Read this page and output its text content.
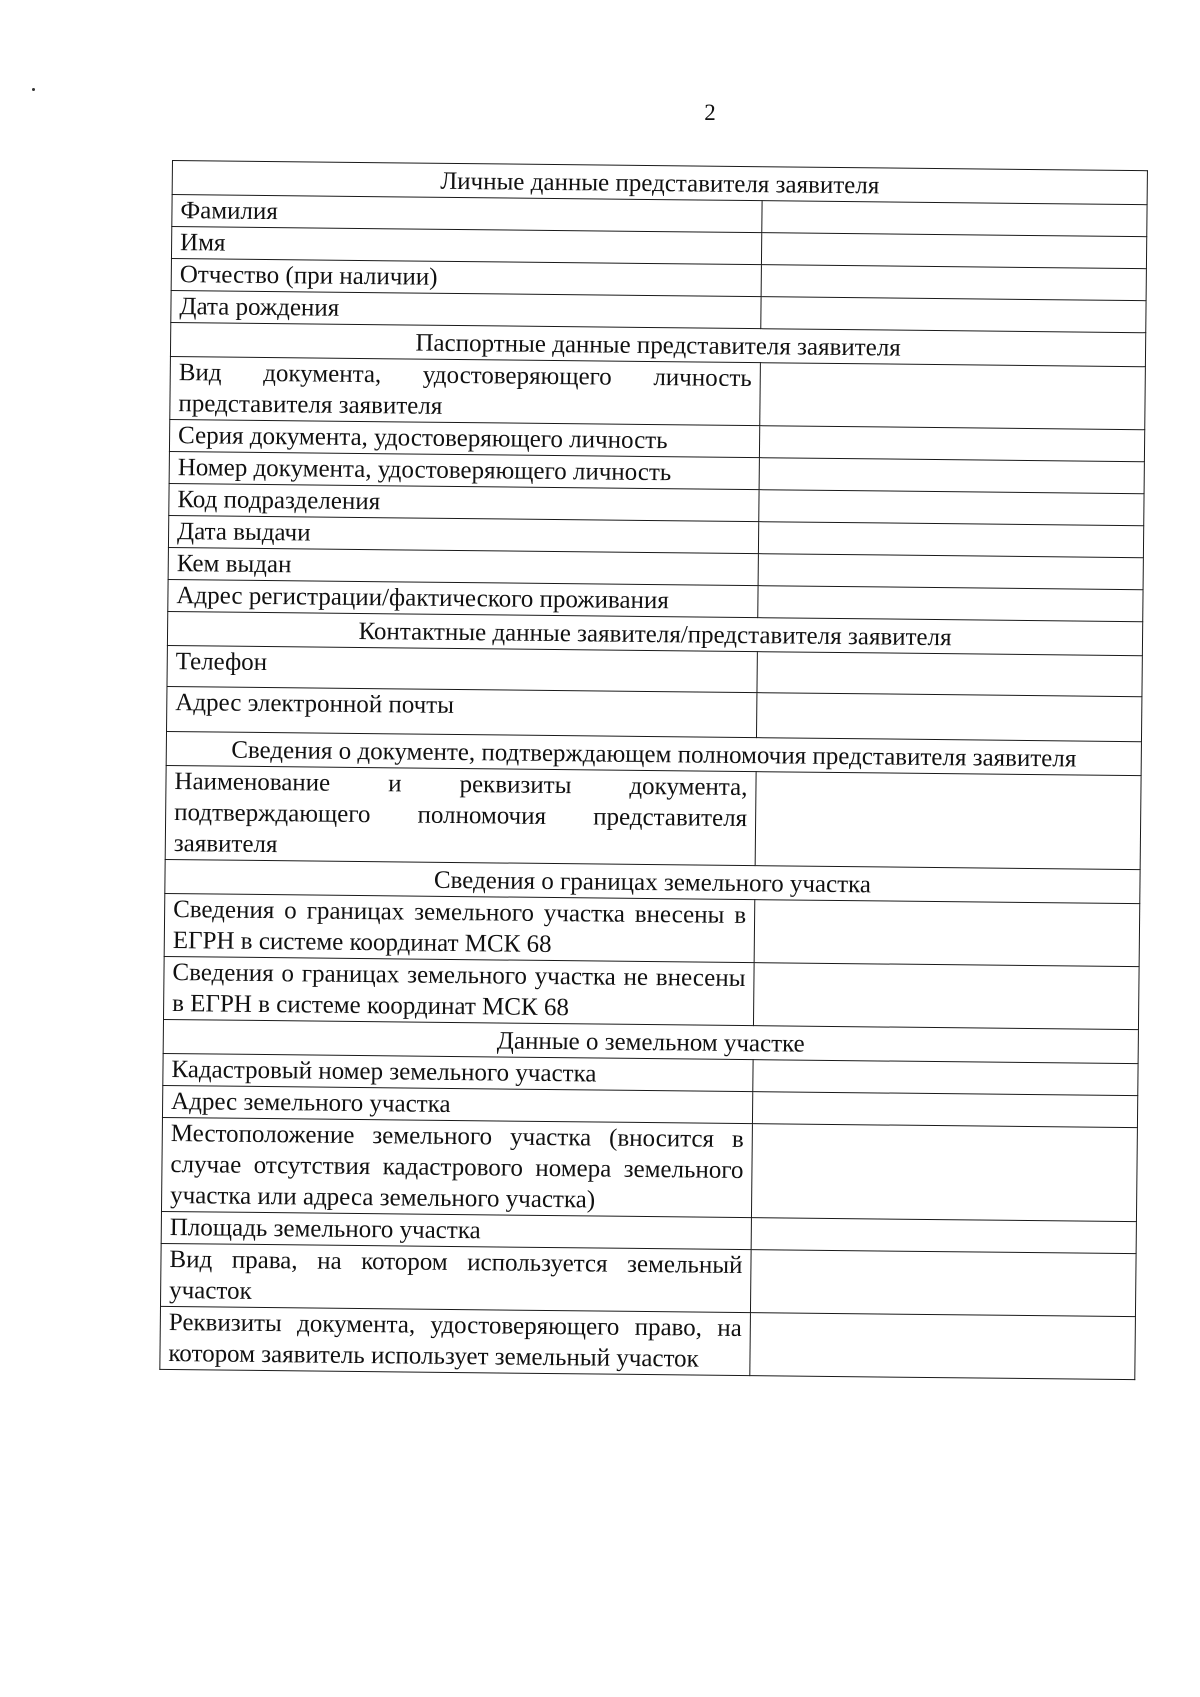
2
Личные данные представителя заявителя	
Фамилия	
Имя	
Отчество (при наличии)	
Дата рождения	
Паспортные данные представителя заявителя	
Вид документа, удостоверяющего личность представителя заявителя	
Серия документа, удостоверяющего личность	
Номер документа, удостоверяющего личность	
Код подразделения	
Дата выдачи	
Кем выдан	
Адрес регистрации/фактического проживания	
Контактные данные заявителя/представителя заявителя	
Телефон	
Адрес электронной почты	
Сведения о документе, подтверждающем полномочия представителя заявителя	
Наименование и реквизиты документа, подтверждающего полномочия представителя заявителя	
Сведения о границах земельного участка	
Сведения о границах земельного участка внесены в ЕГРН в системе координат МСК 68	
Сведения о границах земельного участка не внесены в ЕГРН в системе координат МСК 68	
Данные о земельном участке	
Кадастровый номер земельного участка	
Адрес земельного участка	
Местоположение земельного участка (вносится в случае отсутствия кадастрового номера земельного участка или адреса земельного участка)	
Площадь земельного участка	
Вид права, на котором используется земельный участок	
Реквизиты документа, удостоверяющего право, на котором заявитель использует земельный участок	
